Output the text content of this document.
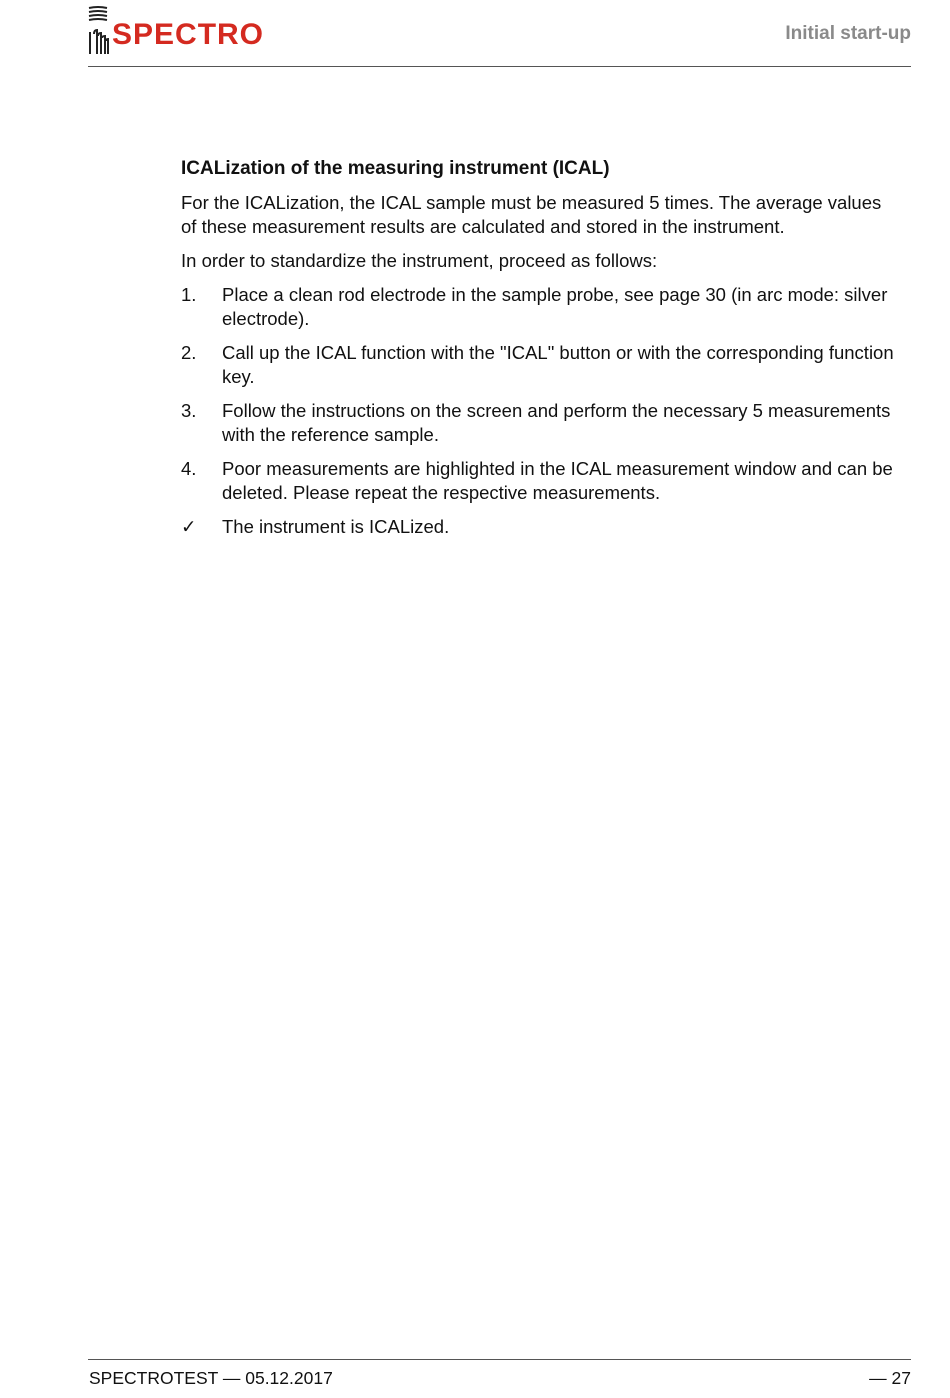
SPECTRO	Initial start-up
ICALization of the measuring instrument (ICAL)
For the ICALization, the ICAL sample must be measured 5 times. The average values of these measurement results are calculated and stored in the instrument.
In order to standardize the instrument, proceed as follows:
1.	Place a clean rod electrode in the sample probe, see page 30 (in arc mode: silver electrode).
2.	Call up the ICAL function with the "ICAL" button or with the corresponding function key.
3.	Follow the instructions on the screen and perform the necessary 5 measurements with the reference sample.
4.	Poor measurements are highlighted in the ICAL measurement window and can be deleted. Please repeat the respective measurements.
✓	The instrument is ICALized.
SPECTROTEST — 05.12.2017	— 27
